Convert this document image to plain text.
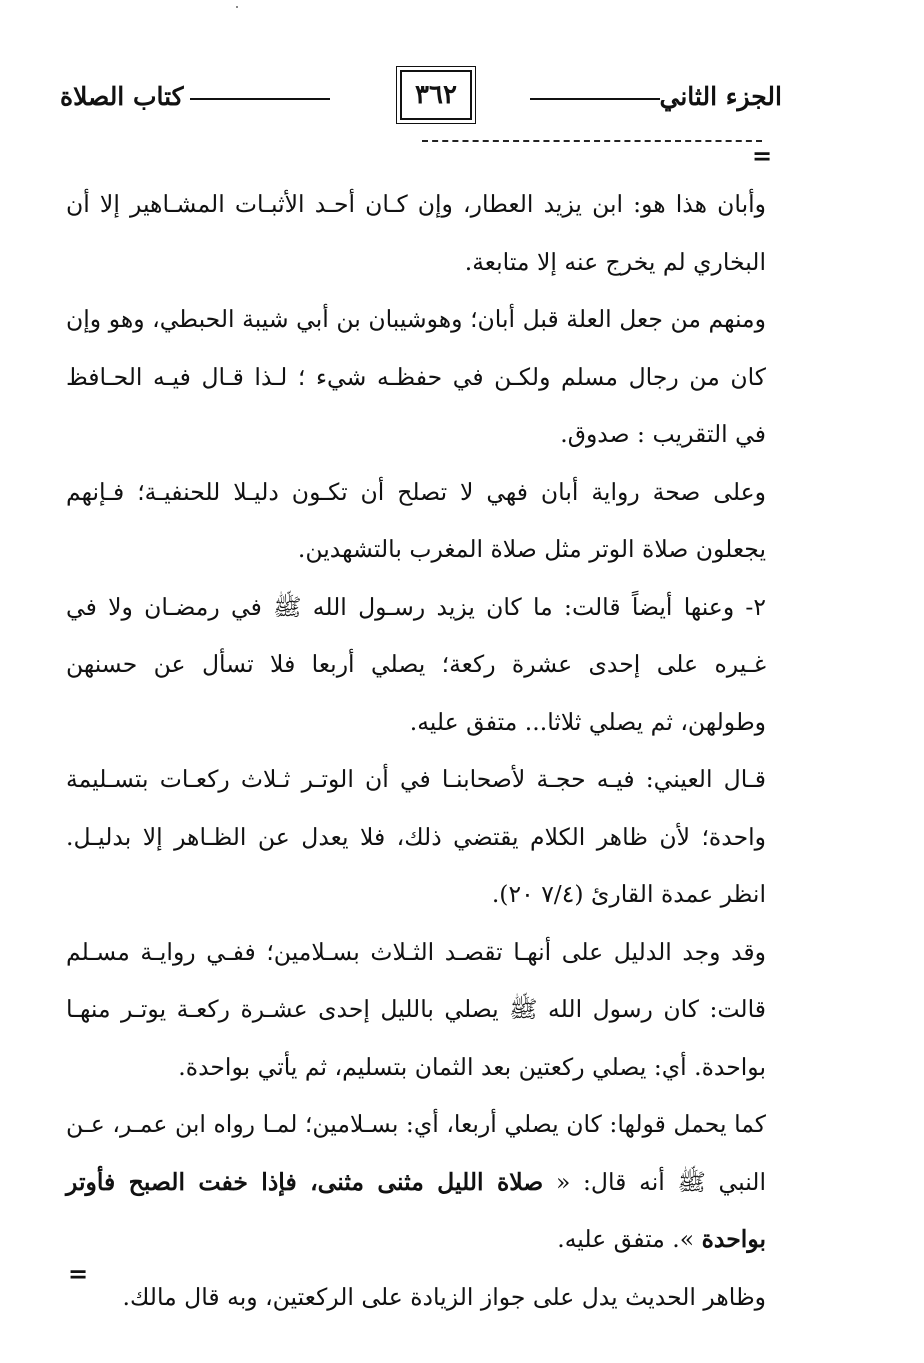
الجزء الثاني
٣٦٢
كتاب الصلاة
=

وأبان هذا هو: ابن يزيد العطار، وإن كـان أحـد الأثبـات المشـاهير إلا أن البخاري لم يخرج عنه إلا متابعة.

ومنهم من جعل العلة قبل أبان؛ وهوشيبان بن أبي شيبة الحبطي، وهو وإن كان من رجال مسلم ولكـن في حفظـه شيء ؛ لـذا قـال فيـه الحـافظ في التقريب : صدوق.

وعلى صحة رواية أبان فهي لا تصلح أن تكـون دليـلا للحنفيـة؛ فـإنهم يجعلون صلاة الوتر مثل صلاة المغرب بالتشهدين.

٢- وعنها أيضاً قالت: ما كان يزيد رسـول الله ﷺ في رمضـان ولا في غـيره على إحدى عشرة ركعة؛ يصلي أربعا فلا تسأل عن حسنهن وطولهن، ثم يصلي ثلاثا... متفق عليه.

قـال العيني: فيـه حجـة لأصحابنـا في أن الوتـر ثـلاث ركعـات بتسـليمة واحدة؛ لأن ظاهر الكلام يقتضي ذلك، فلا يعدل عن الظـاهر إلا بدليـل. انظر عمدة القارئ (٧/٤ ٢٠).

وقد وجد الدليل على أنهـا تقصـد الثـلاث بسـلامين؛ ففـي روايـة مسـلم قالت: كان رسول الله ﷺ يصلي بالليل إحدى عشـرة ركعـة يوتـر منهـا بواحدة. أي: يصلي ركعتين بعد الثمان بتسليم، ثم يأتي بواحدة.

كما يحمل قولها: كان يصلي أربعا، أي: بسـلامين؛ لمـا رواه ابن عمـر، عـن النبي ﷺ أنه قال: « صلاة الليل مثنى مثنى، فإذا خفت الصبح فأوتر بواحدة ». متفق عليه.

وظاهر الحديث يدل على جواز الزيادة على الركعتين، وبه قال مالك.

=
